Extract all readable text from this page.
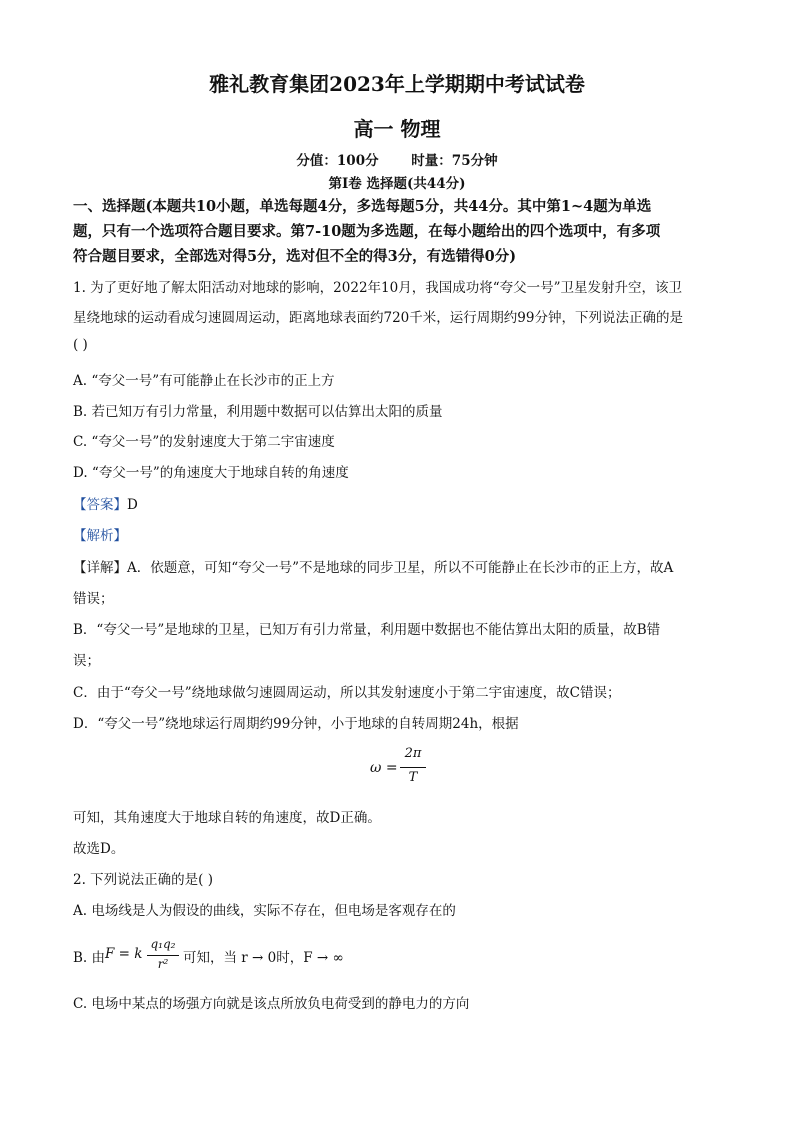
雅礼教育集团2023年上学期期中考试试卷
高一 物理
分值：100分 时量：75分钟
第Ⅰ卷 选择题(共44分)
一、选择题(本题共10小题，单选每题4分，多选每题5分，共44分。其中第1~4题为单选
题，只有一个选项符合题目要求。第7-10题为多选题，在每小题给出的四个选项中，有多项
符合题目要求，全部选对得5分，选对但不全的得3分，有选错得0分)
1. 为了更好地了解太阳活动对地球的影响，2022年10月，我国成功将“夸父一号”卫星发射升空，该卫
星绕地球的运动看成匀速圆周运动，距离地球表面约720千米，运行周期约99分钟，下列说法正确的是
( )
A. “夸父一号”有可能静止在长沙市的正上方
B. 若已知万有引力常量，利用题中数据可以估算出太阳的质量
C. “夸父一号”的发射速度大于第二宇宙速度
D. “夸父一号”的角速度大于地球自转的角速度
【答案】D
【解析】
【详解】A．依题意，可知“夸父一号”不是地球的同步卫星，所以不可能静止在长沙市的正上方，故A
错误；
B．“夸父一号”是地球的卫星，已知万有引力常量，利用题中数据也不能估算出太阳的质量，故B错
误；
C．由于“夸父一号”绕地球做匀速圆周运动，所以其发射速度小于第二宇宙速度，故C错误；
D．“夸父一号”绕地球运行周期约99分钟，小于地球的自转周期24h，根据
ω =
2π
T
可知，其角速度大于地球自转的角速度，故D正确。
故选D。
2. 下列说法正确的是( )
A. 电场线是人为假设的曲线，实际不存在，但电场是客观存在的
B. 由 F = k
q₁q₂
r²	可知，当 r → 0时，F → ∞
C. 电场中某点的场强方向就是该点所放负电荷受到的静电力的方向
